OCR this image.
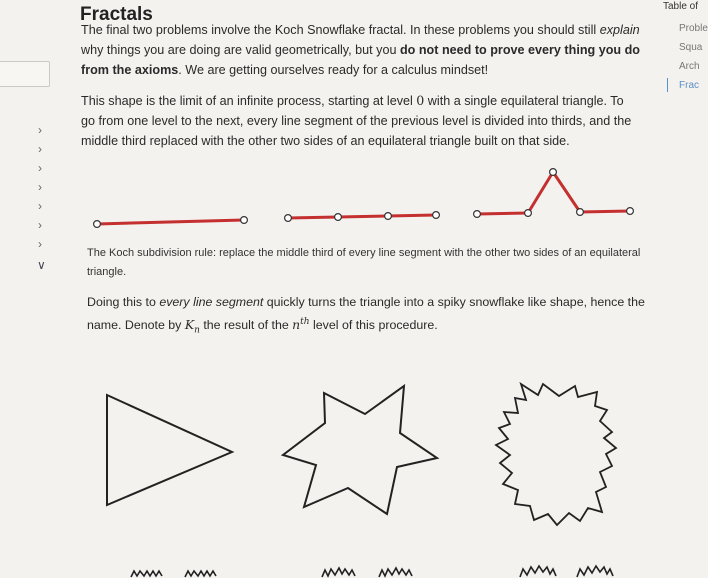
›
›
›
›
›
›
›
∨
Fractals

The final two problems involve the Koch Snowflake fractal. In these problems you should still explain why things you are doing are valid geometrically, but you do not need to prove every thing you do from the axioms. We are getting ourselves ready for a calculus mindset!

This shape is the limit of an infinite process, starting at level 0 with a single equilateral triangle. To go from one level to the next, every line segment of the previous level is divided into thirds, and the middle third replaced with the other two sides of an equilateral triangle built on that side.

The Koch subdivision rule: replace the middle third of every line segment with the other two sides of an equilateral triangle.

Doing this to every line segment quickly turns the triangle into a spiky snowflake like shape, hence the name. Denote by $K_n$ the result of the $n^{th}$ level of this procedure.

Table of
Proble
Squa
Arch
Frac
